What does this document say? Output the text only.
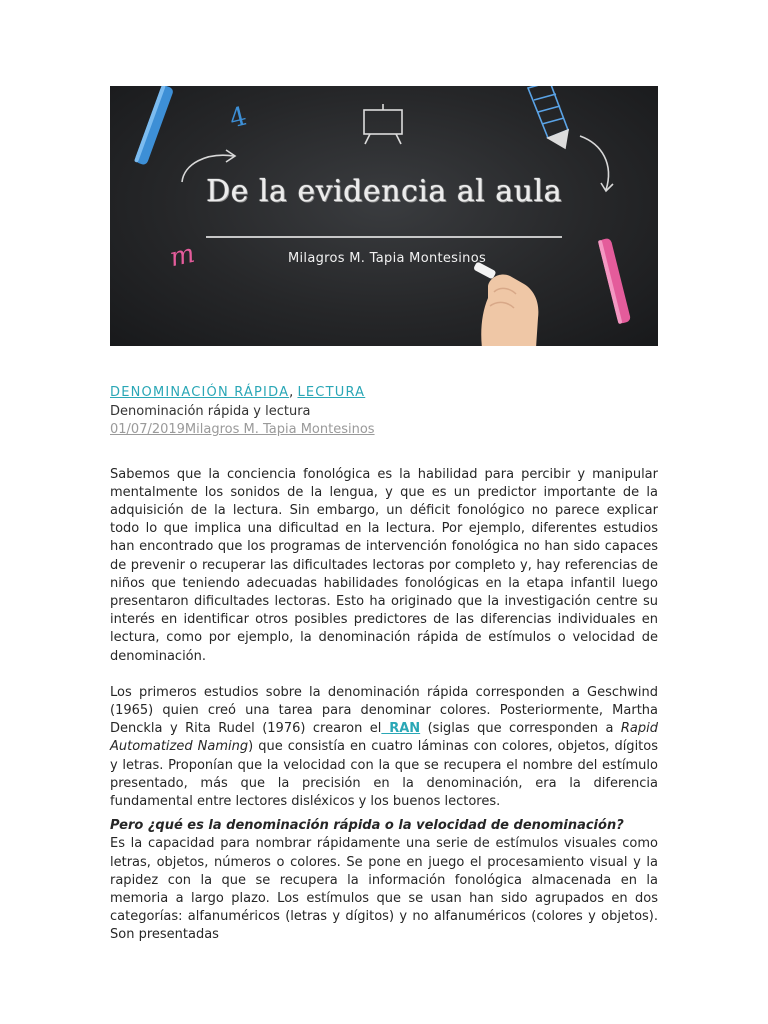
4
m
De la evidencia al aula
Milagros M. Tapia Montesinos
DENOMINACIÓN RÁPIDA, LECTURA
Denominación rápida y lectura
01/07/2019Milagros M. Tapia Montesinos

Sabemos que la conciencia fonológica es la habilidad para percibir y manipular mentalmente los sonidos de la lengua, y que es un predictor importante de la adquisición de la lectura. Sin embargo, un déficit fonológico no parece explicar todo lo que implica una dificultad en la lectura. Por ejemplo, diferentes estudios han encontrado que los programas de intervención fonológica no han sido capaces de prevenir o recuperar las dificultades lectoras por completo y, hay referencias de niños que teniendo adecuadas habilidades fonológicas en la etapa infantil luego presentaron dificultades lectoras. Esto ha originado que la investigación centre su interés en identificar otros posibles predictores de las diferencias individuales en lectura, como por ejemplo, la denominación rápida de estímulos o velocidad de denominación.

Los primeros estudios sobre la denominación rápida corresponden a Geschwind (1965) quien creó una tarea para denominar colores. Posteriormente, Martha Denckla y Rita Rudel (1976) crearon el RAN (siglas que corresponden a Rapid Automatized Naming) que consistía en cuatro láminas con colores, objetos, dígitos y letras. Proponían que la velocidad con la que se recupera el nombre del estímulo presentado, más que la precisión en la denominación, era la diferencia fundamental entre lectores disléxicos y los buenos lectores.

Pero ¿qué es la denominación rápida o la velocidad de denominación?

Es la capacidad para nombrar rápidamente una serie de estímulos visuales como letras, objetos, números o colores. Se pone en juego el procesamiento visual y la rapidez con la que se recupera la información fonológica almacenada en la memoria a largo plazo. Los estímulos que se usan han sido agrupados en dos categorías: alfanuméricos (letras y dígitos) y no alfanuméricos (colores y objetos). Son presentadas
